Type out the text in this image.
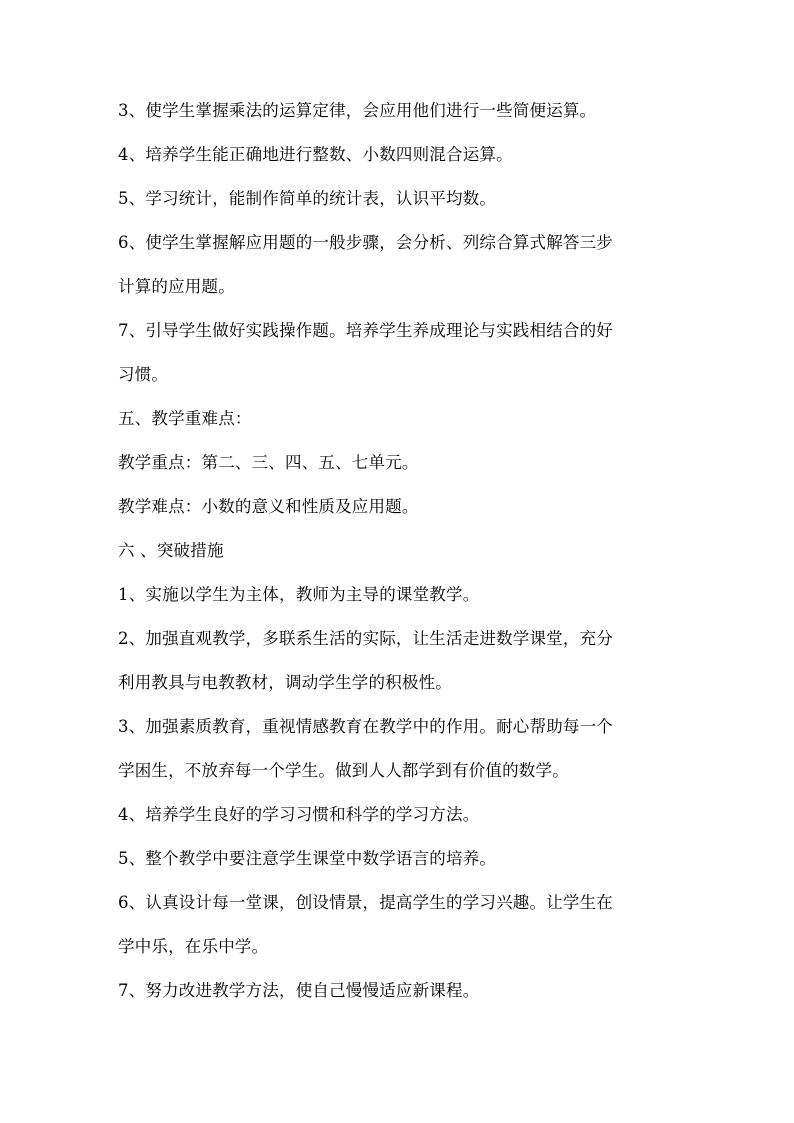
3、使学生掌握乘法的运算定律，会应用他们进行一些简便运算。
4、培养学生能正确地进行整数、小数四则混合运算。
5、学习统计，能制作简单的统计表，认识平均数。
6、使学生掌握解应用题的一般步骤，会分析、列综合算式解答三步
计算的应用题。
7、引导学生做好实践操作题。培养学生养成理论与实践相结合的好
习惯。
五、教学重难点：
教学重点：第二、三、四、五、七单元。
教学难点：小数的意义和性质及应用题。
六 、突破措施
1、实施以学生为主体，教师为主导的课堂教学。
2、加强直观教学，多联系生活的实际，让生活走进数学课堂，充分
利用教具与电教教材，调动学生学的积极性。
3、加强素质教育，重视情感教育在教学中的作用。耐心帮助每一个
学困生，不放弃每一个学生。做到人人都学到有价值的数学。
4、培养学生良好的学习习惯和科学的学习方法。
5、整个教学中要注意学生课堂中数学语言的培养。
6、认真设计每一堂课，创设情景，提高学生的学习兴趣。让学生在
学中乐，在乐中学。
7、努力改进教学方法，使自己慢慢适应新课程。
